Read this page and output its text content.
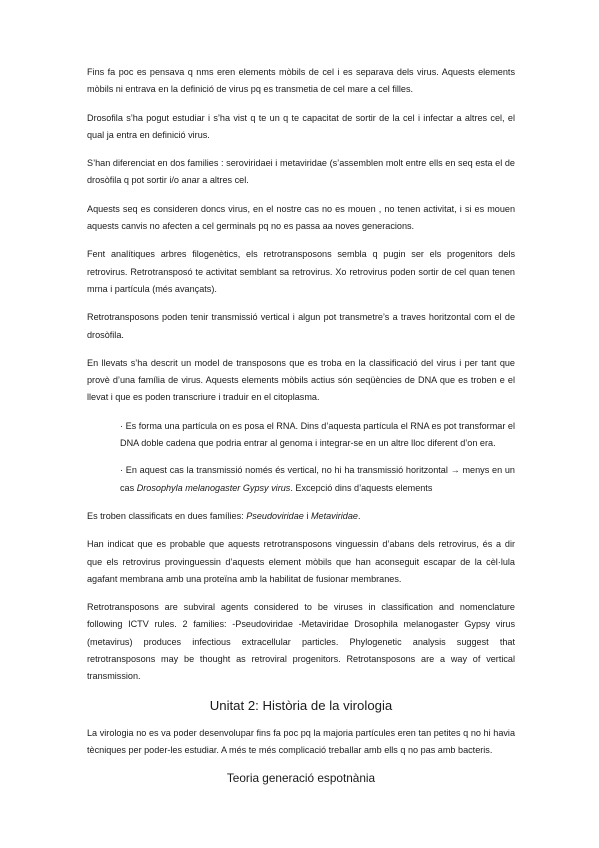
Fins fa poc es pensava q nms eren elements mòbils de cel i es separava dels virus. Aquests elements mòbils ni entrava en la definició de virus pq es transmetia de cel mare a cel filles.

Drosofila s’ha pogut estudiar i s’ha vist q te un q te capacitat de sortir de la cel i infectar a altres cel, el qual ja entra en definició virus.

S’han diferenciat en dos families : seroviridaei i metaviridae (s’assemblen molt entre ells en seq esta el de drosòfila q pot sortir i/o anar a altres cel.

Aquests seq es consideren doncs virus, en el nostre cas no es mouen , no tenen activitat, i si es mouen aquests canvis no afecten a cel germinals pq no es passa aa noves generacions.

Fent analítiques arbres filogenètics, els retrotransposons sembla q pugin ser els progenitors dels retrovirus. Retrotransposó te activitat semblant sa retrovirus. Xo retrovirus poden sortir de cel quan tenen mrna i partícula (més avançats).

Retrotransposons poden tenir transmissió vertical i algun pot transmetre’s a traves horitzontal com el de drosòfila.

En llevats s’ha descrit un model de transposons que es troba en la classificació del virus i per tant que provè d’una família de virus. Aquests elements mòbils actius són seqüències de DNA que es troben e el llevat i que es poden transcriure i traduir en el citoplasma.

· Es forma una partícula on es posa el RNA. Dins d’aquesta partícula el RNA es pot transformar el DNA doble cadena que podria entrar al genoma i integrar-se en un altre lloc diferent d’on era.

· En aquest cas la transmissió només és vertical, no hi ha transmissió horitzontal → menys en un cas Drosophyla melanogaster Gypsy virus. Excepció dins d’aquests elements

Es troben classificats en dues famílies: Pseudoviridae i Metaviridae.

Han indicat que es probable que aquests retrotransposons vinguessin d’abans dels retrovirus, és a dir que els retrovirus provinguessin d’aquests element mòbils que han aconseguit escapar de la cèl·lula agafant membrana amb una proteïna amb la habilitat de fusionar membranes.

Retrotransposons are subviral agents considered to be viruses in classification and nomenclature following ICTV rules. 2 families: -Pseudoviridae -Metaviridae Drosophila melanogaster Gypsy virus (metavirus) produces infectious extracellular particles. Phylogenetic analysis suggest that retrotransposons may be thought as retroviral progenitors. Retrotansposons are a way of vertical transmission.

Unitat 2: Història de la virologia

La virologia no es va poder desenvolupar fins fa poc pq la majoria partícules eren tan petites q no hi havia tècniques per poder-les estudiar. A més te més complicació treballar amb ells q no pas amb bacteris.

Teoria generació espotnània
